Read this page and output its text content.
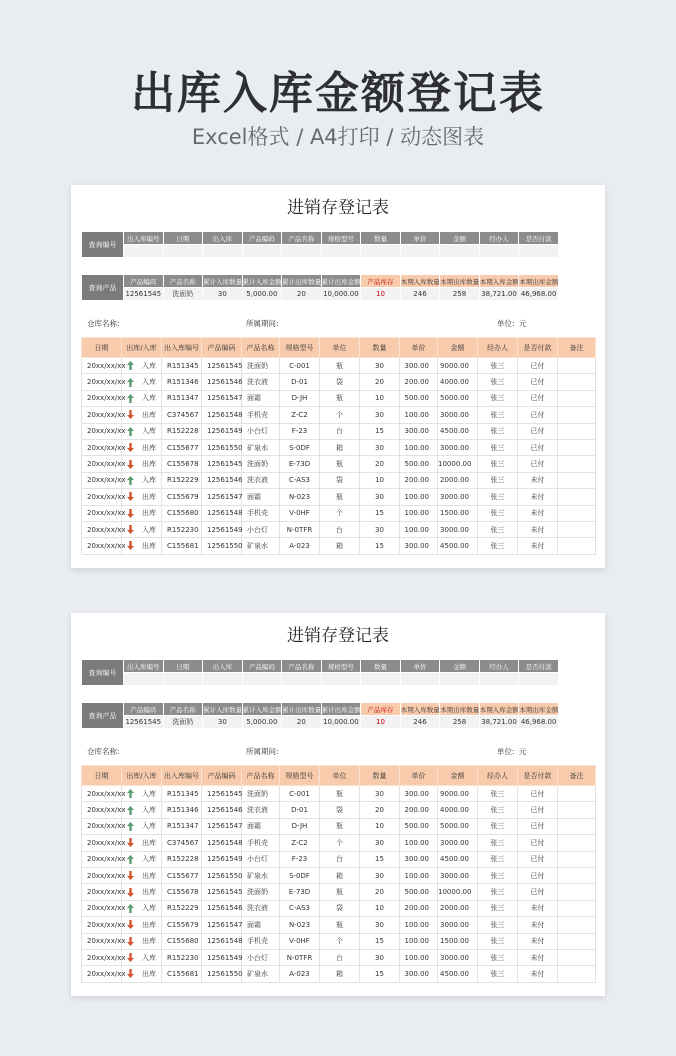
出库入库金额登记表
Excel格式 / A4打印 / 动态图表
进销存登记表
查询编号	出入库编号	日期	出入库	产品编码	产品名称	规格型号	数量	单价	金额	经办人	是否付款

查询产品	产品编码	产品名称	累计入库数量	累计入库金额	累计出库数量	累计出库金额	产品库存	本期入库数量	本期出库数量	本期入库金额	本期出库金额
	12561545	洗面奶	30	5,000.00	20	10,000.00	10	246	258	38,721.00	46,968.00
仓库名称:	所属期间:	单位: 元
日期	出库/入库	出入库编号	产品编码	产品名称	规格型号	单位	数量	单价	金额	经办人	是否付款	备注
20xx/xx/xx	入库	R151345	12561545	洗面奶	C-001	瓶	30	300.00	9000.00	张三	已付	
20xx/xx/xx	入库	R151346	12561546	洗衣液	D-01	袋	20	200.00	4000.00	张三	已付	
20xx/xx/xx	入库	R151347	12561547	面霜	D-JH	瓶	10	500.00	5000.00	张三	已付	
20xx/xx/xx	出库	C374567	12561548	手机壳	Z-C2	个	30	100.00	3000.00	张三	已付	
20xx/xx/xx	入库	R152228	12561549	小台灯	F-23	台	15	300.00	4500.00	张三	已付	
20xx/xx/xx	出库	C155677	12561550	矿泉水	S-0DF	箱	30	100.00	3000.00	张三	已付	
20xx/xx/xx	出库	C155678	12561545	洗面奶	E-73D	瓶	20	500.00	10000.00	张三	已付	
20xx/xx/xx	入库	R152229	12561546	洗衣液	C-AS3	袋	10	200.00	2000.00	张三	未付	
20xx/xx/xx	出库	C155679	12561547	面霜	N-023	瓶	30	100.00	3000.00	张三	未付	
20xx/xx/xx	出库	C155680	12561548	手机壳	V-0HF	个	15	100.00	1500.00	张三	未付	
20xx/xx/xx	入库	R152230	12561549	小台灯	N-0TFR	台	30	100.00	3000.00	张三	未付	
20xx/xx/xx	出库	C155681	12561550	矿泉水	A-023	箱	15	300.00	4500.00	张三	未付	
进销存登记表
查询编号	出入库编号	日期	出入库	产品编码	产品名称	规格型号	数量	单价	金额	经办人	是否付款

查询产品	产品编码	产品名称	累计入库数量	累计入库金额	累计出库数量	累计出库金额	产品库存	本期入库数量	本期出库数量	本期入库金额	本期出库金额
	12561545	洗面奶	30	5,000.00	20	10,000.00	10	246	258	38,721.00	46,968.00
仓库名称:	所属期间:	单位: 元
日期	出库/入库	出入库编号	产品编码	产品名称	规格型号	单位	数量	单价	金额	经办人	是否付款	备注
20xx/xx/xx	入库	R151345	12561545	洗面奶	C-001	瓶	30	300.00	9000.00	张三	已付	
20xx/xx/xx	入库	R151346	12561546	洗衣液	D-01	袋	20	200.00	4000.00	张三	已付	
20xx/xx/xx	入库	R151347	12561547	面霜	D-JH	瓶	10	500.00	5000.00	张三	已付	
20xx/xx/xx	出库	C374567	12561548	手机壳	Z-C2	个	30	100.00	3000.00	张三	已付	
20xx/xx/xx	入库	R152228	12561549	小台灯	F-23	台	15	300.00	4500.00	张三	已付	
20xx/xx/xx	出库	C155677	12561550	矿泉水	S-0DF	箱	30	100.00	3000.00	张三	已付	
20xx/xx/xx	出库	C155678	12561545	洗面奶	E-73D	瓶	20	500.00	10000.00	张三	已付	
20xx/xx/xx	入库	R152229	12561546	洗衣液	C-AS3	袋	10	200.00	2000.00	张三	未付	
20xx/xx/xx	出库	C155679	12561547	面霜	N-023	瓶	30	100.00	3000.00	张三	未付	
20xx/xx/xx	出库	C155680	12561548	手机壳	V-0HF	个	15	100.00	1500.00	张三	未付	
20xx/xx/xx	入库	R152230	12561549	小台灯	N-0TFR	台	30	100.00	3000.00	张三	未付	
20xx/xx/xx	出库	C155681	12561550	矿泉水	A-023	箱	15	300.00	4500.00	张三	未付	
